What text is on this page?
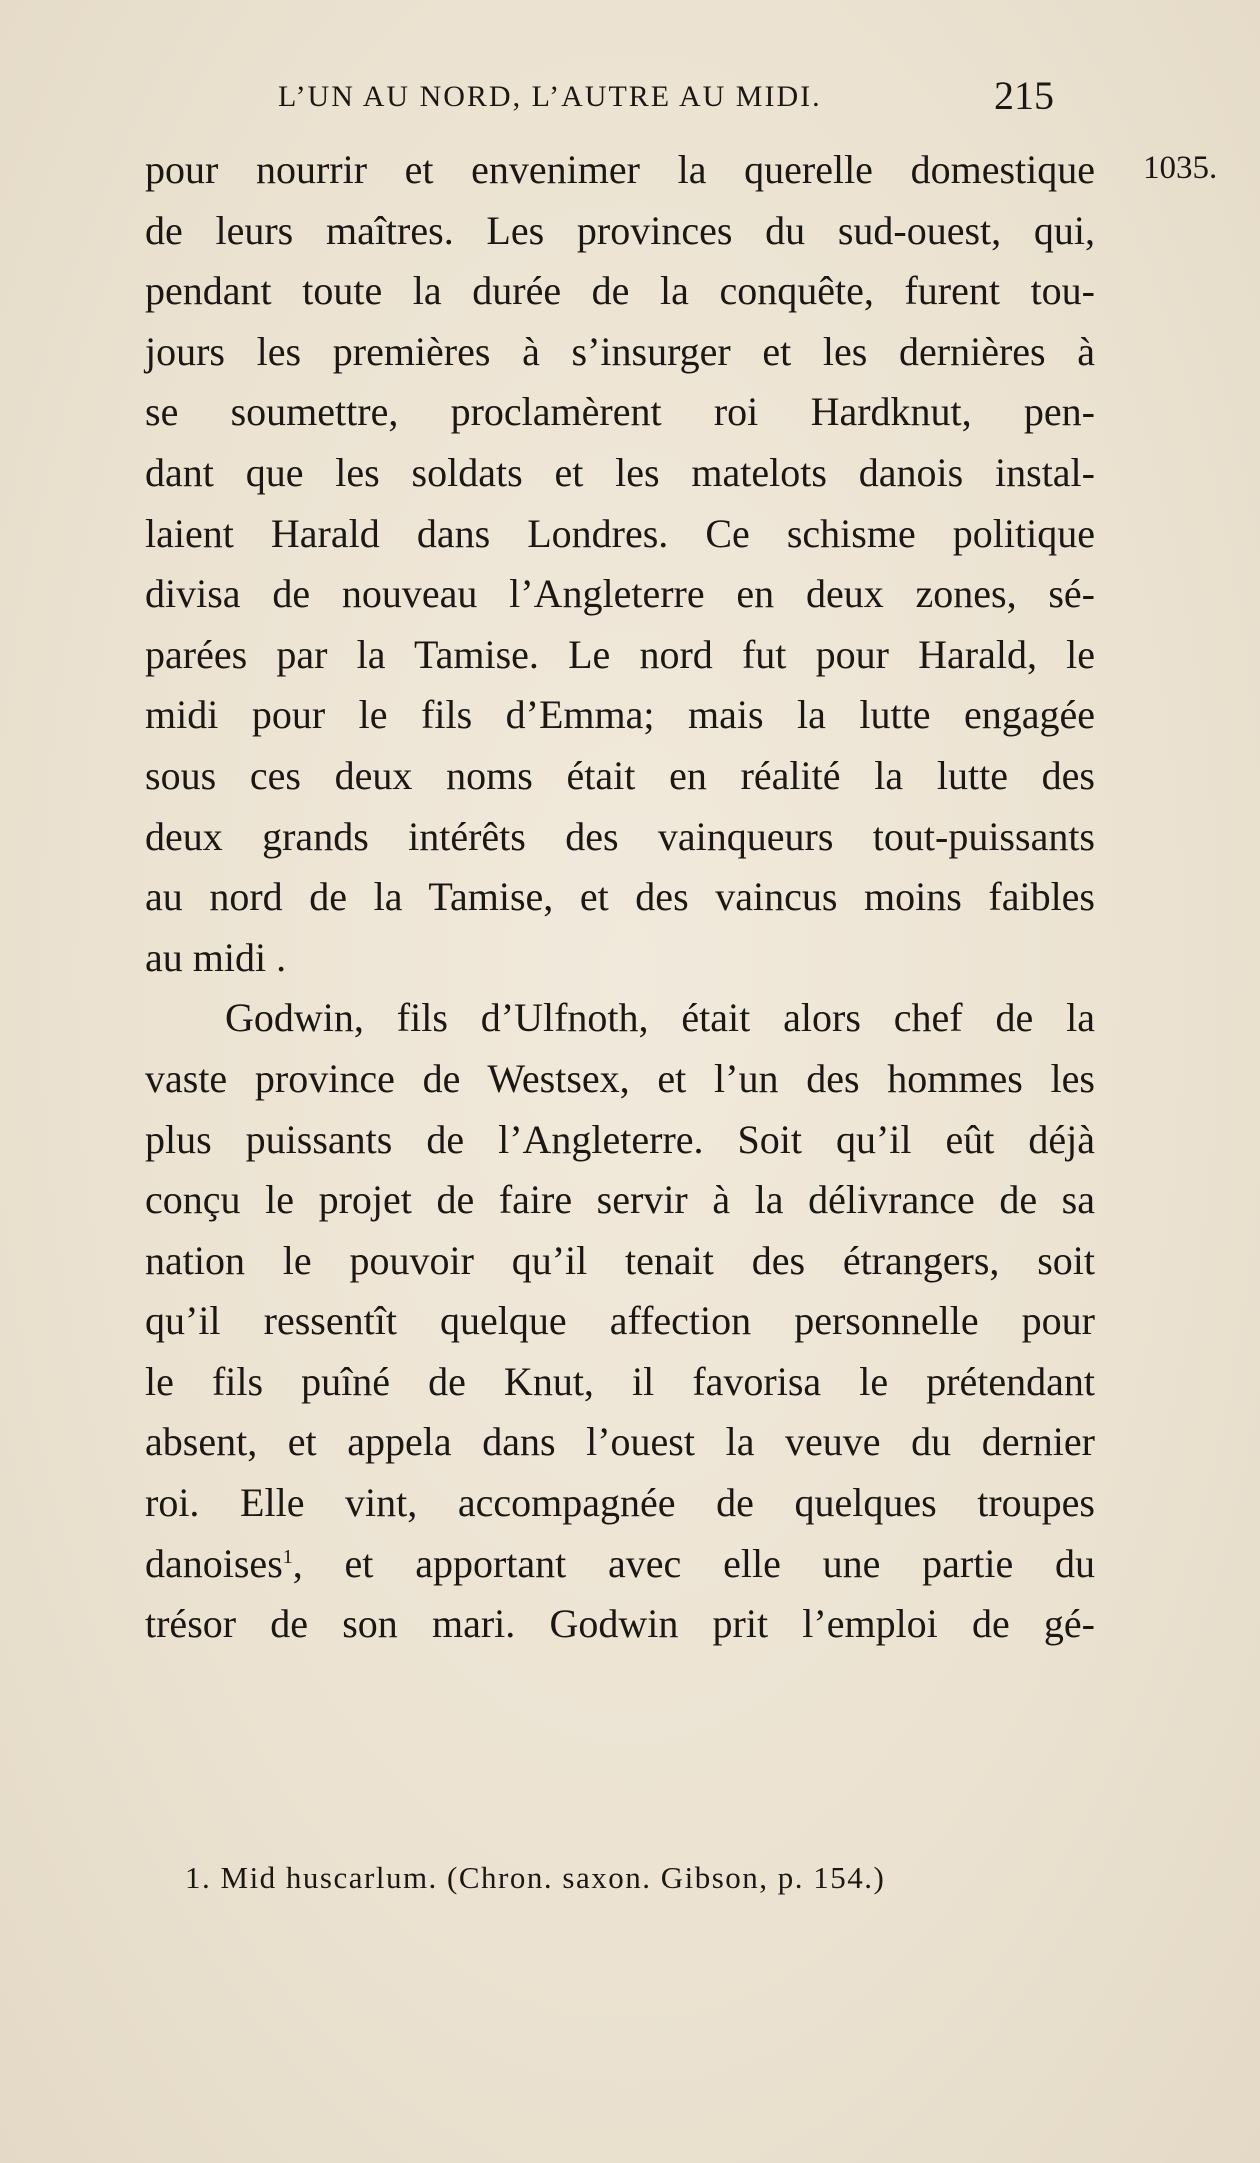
L’UN AU NORD, L’AUTRE AU MIDI.	215
1035.
pour nourrir et envenimer la querelle domestique
de leurs maîtres. Les provinces du sud-ouest, qui,
pendant toute la durée de la conquête, furent tou-
jours les premières à s’insurger et les dernières à
se soumettre, proclamèrent roi Hardknut, pen-
dant que les soldats et les matelots danois instal-
laient Harald dans Londres. Ce schisme politique
divisa de nouveau l’Angleterre en deux zones, sé-
parées par la Tamise. Le nord fut pour Harald, le
midi pour le fils d’Emma; mais la lutte engagée
sous ces deux noms était en réalité la lutte des
deux grands intérêts des vainqueurs tout-puissants
au nord de la Tamise, et des vaincus moins faibles
au midi .
Godwin, fils d’Ulfnoth, était alors chef de la
vaste province de Westsex, et l’un des hommes les
plus puissants de l’Angleterre. Soit qu’il eût déjà
conçu le projet de faire servir à la délivrance de sa
nation le pouvoir qu’il tenait des étrangers, soit
qu’il ressentît quelque affection personnelle pour
le fils puîné de Knut, il favorisa le prétendant
absent, et appela dans l’ouest la veuve du dernier
roi. Elle vint, accompagnée de quelques troupes
danoises$^1$, et apportant avec elle une partie du
trésor de son mari. Godwin prit l’emploi de gé-
1. Mid huscarlum. (Chron. saxon. Gibson, p. 154.)
